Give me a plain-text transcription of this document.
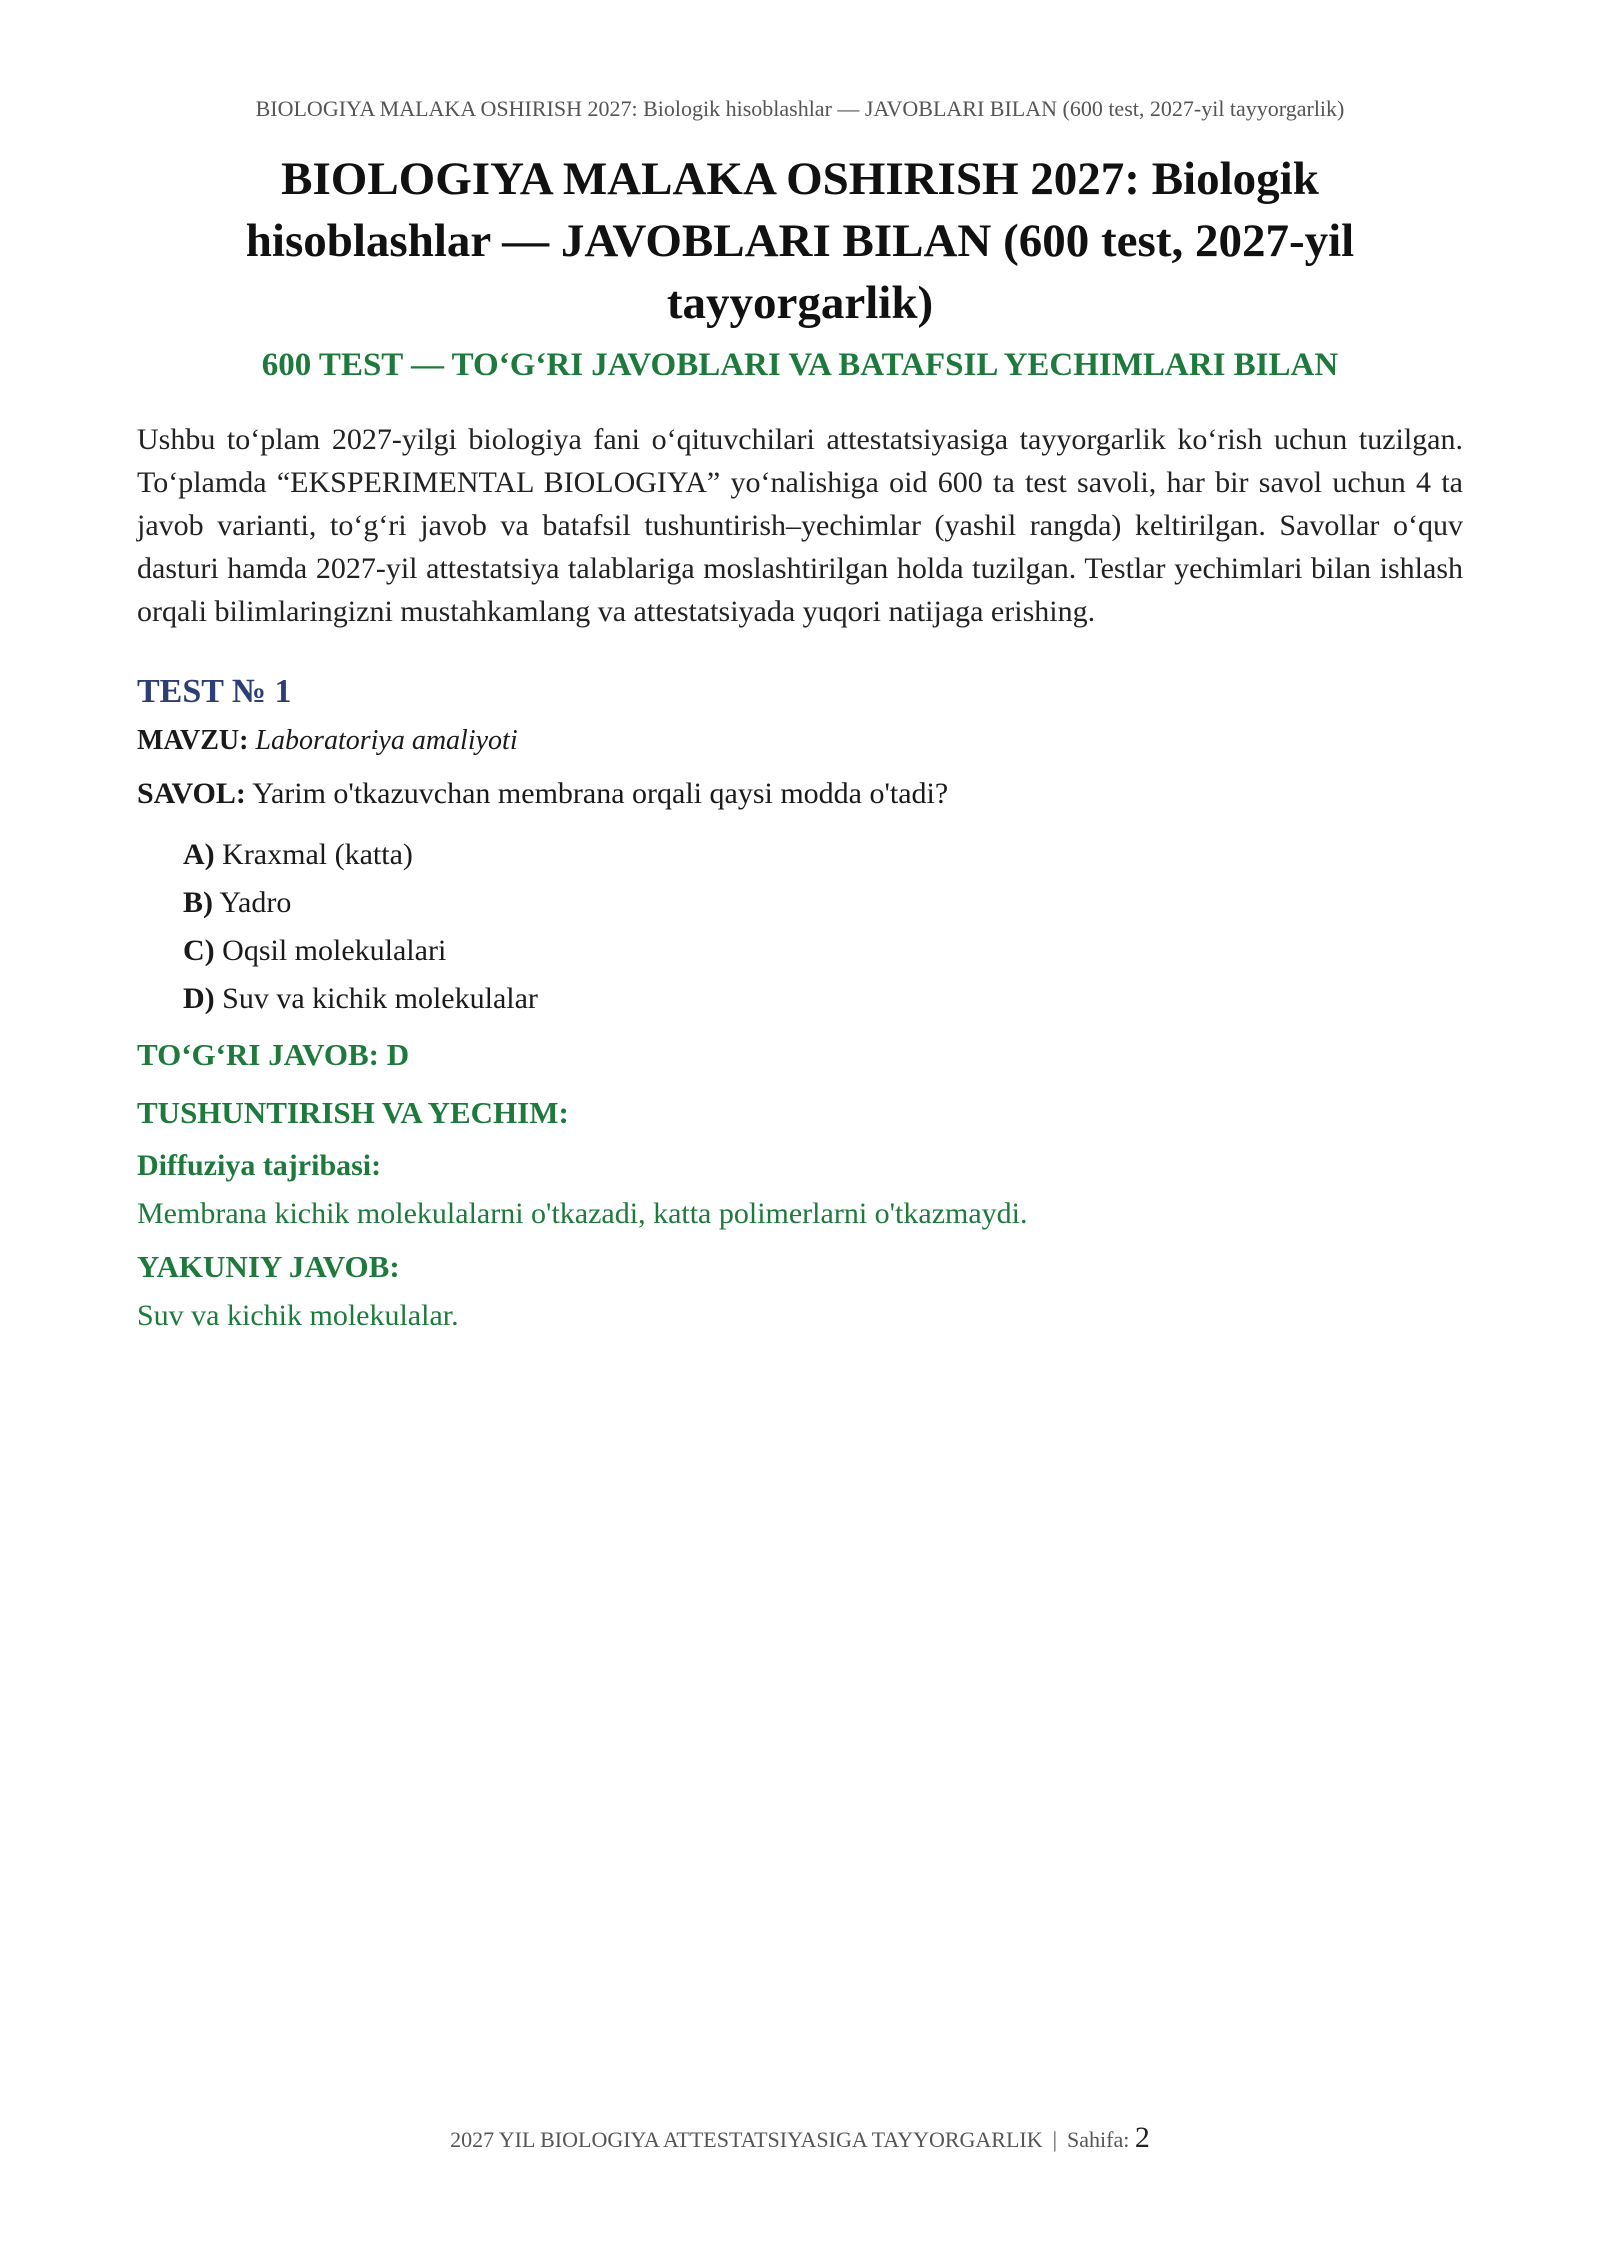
BIOLOGIYA MALAKA OSHIRISH 2027: Biologik hisoblashlar — JAVOBLARI BILAN (600 test, 2027-yil tayyorgarlik)
BIOLOGIYA MALAKA OSHIRISH 2027: Biologik hisoblashlar — JAVOBLARI BILAN (600 test, 2027-yil tayyorgarlik)
600 TEST — TO‘G‘RI JAVOBLARI VA BATAFSIL YECHIMLARI BILAN

Ushbu to‘plam 2027-yilgi biologiya fani o‘qituvchilari attestatsiyasiga tayyorgarlik ko‘rish uchun tuzilgan. To‘plamda “EKSPERIMENTAL BIOLOGIYA” yo‘nalishiga oid 600 ta test savoli, har bir savol uchun 4 ta javob varianti, to‘g‘ri javob va batafsil tushuntirish–yechimlar (yashil rangda) keltirilgan. Savollar o‘quv dasturi hamda 2027-yil attestatsiya talablariga moslashtirilgan holda tuzilgan. Testlar yechimlari bilan ishlash orqali bilimlaringizni mustahkamlang va attestatsiyada yuqori natijaga erishing.

TEST № 1
MAVZU: Laboratoriya amaliyoti
SAVOL: Yarim o'tkazuvchan membrana orqali qaysi modda o'tadi?
A) Kraxmal (katta)
B) Yadro
C) Oqsil molekulalari
D) Suv va kichik molekulalar
TO‘G‘RI JAVOB: D
TUSHUNTIRISH VA YECHIM:
Diffuziya tajribasi:
Membrana kichik molekulalarni o'tkazadi, katta polimerlarni o'tkazmaydi.
YAKUNIY JAVOB:
Suv va kichik molekulalar.
2027 YIL BIOLOGIYA ATTESTATSIYASIGA TAYYORGARLIK | Sahifa: 2
